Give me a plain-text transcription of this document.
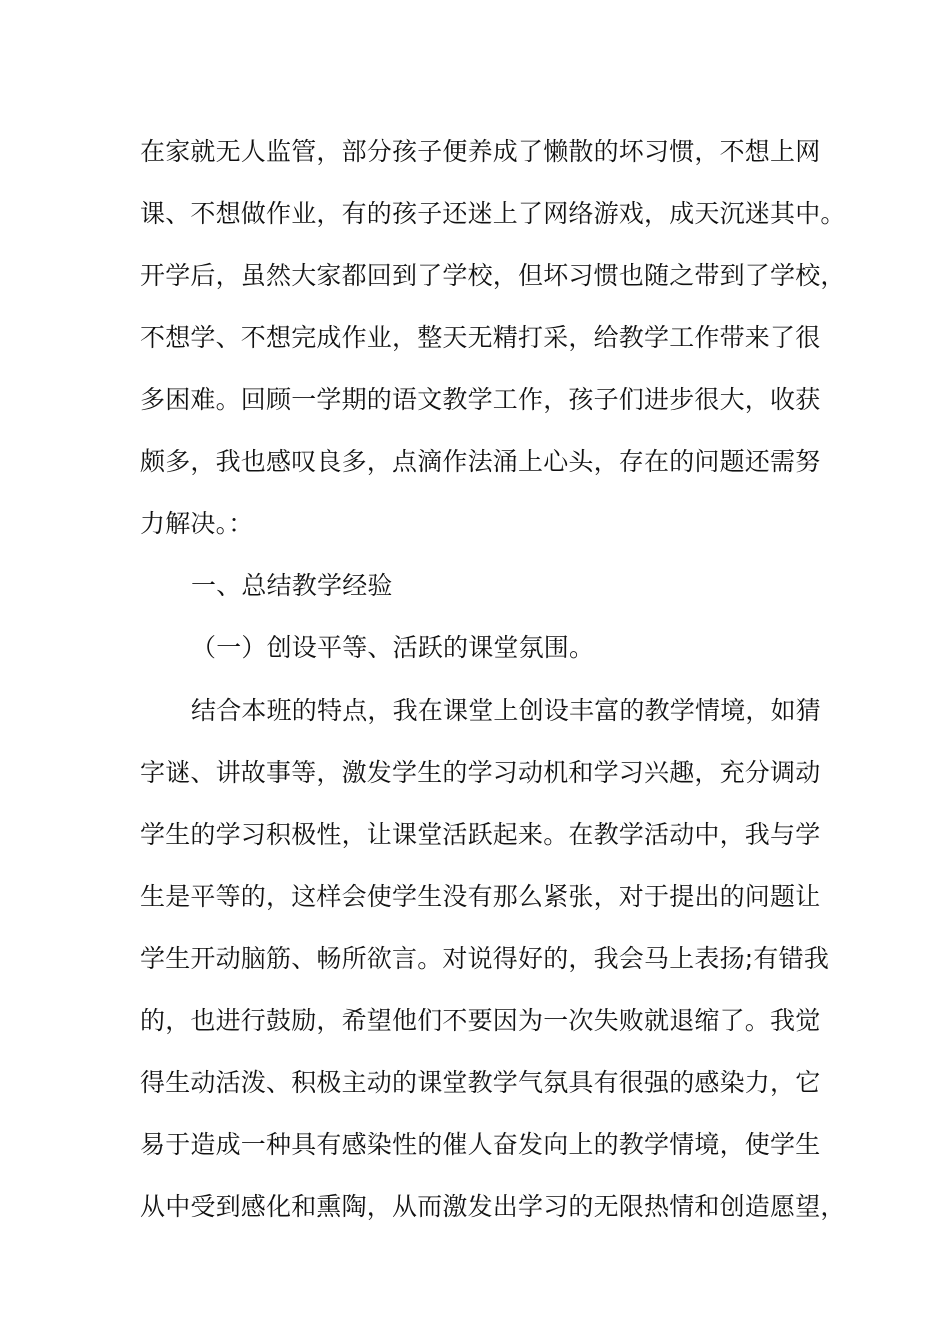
在家就无人监管，部分孩子便养成了懒散的坏习惯，不想上网
课、不想做作业，有的孩子还迷上了网络游戏，成天沉迷其中。
开学后，虽然大家都回到了学校，但坏习惯也随之带到了学校，
不想学、不想完成作业，整天无精打采，给教学工作带来了很
多困难。回顾一学期的语文教学工作，孩子们进步很大，收获
颇多，我也感叹良多，点滴作法涌上心头，存在的问题还需努
力解决。：
一、总结教学经验
（一）创设平等、活跃的课堂氛围。
结合本班的特点，我在课堂上创设丰富的教学情境，如猜
字谜、讲故事等，激发学生的学习动机和学习兴趣，充分调动
学生的学习积极性，让课堂活跃起来。在教学活动中，我与学
生是平等的，这样会使学生没有那么紧张，对于提出的问题让
学生开动脑筋、畅所欲言。对说得好的，我会马上表扬;有错我
的，也进行鼓励，希望他们不要因为一次失败就退缩了。我觉
得生动活泼、积极主动的课堂教学气氛具有很强的感染力，它
易于造成一种具有感染性的催人奋发向上的教学情境，使学生
从中受到感化和熏陶，从而激发出学习的无限热情和创造愿望，
